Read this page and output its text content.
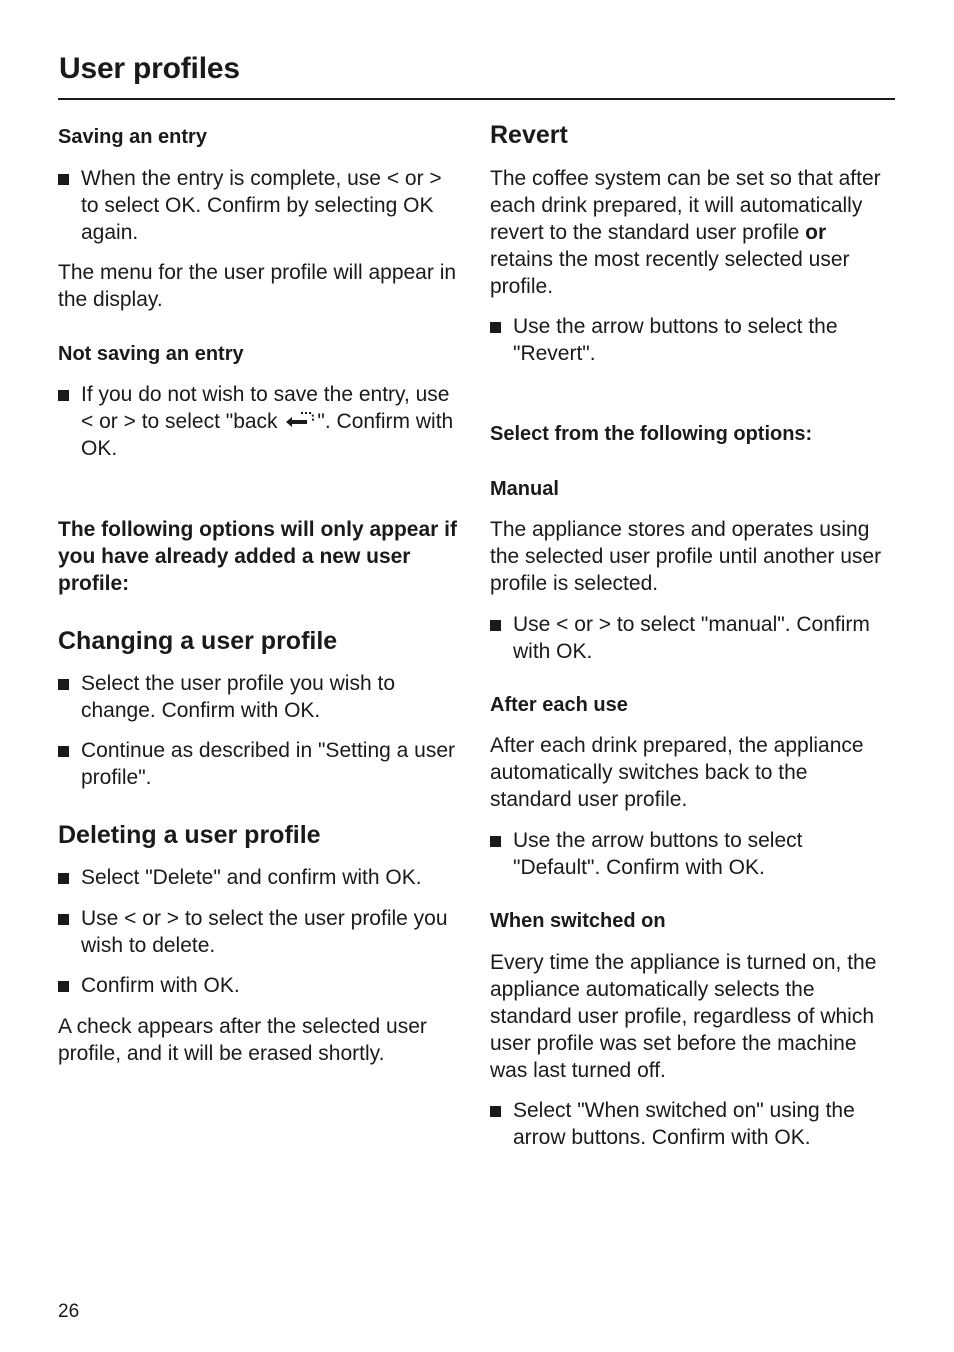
User profiles
Saving an entry
When the entry is complete, use < or > to select OK. Confirm by selecting OK again.
The menu for the user profile will appear in the display.
Not saving an entry
If you do not wish to save the entry, use < or > to select "back ". Confirm with OK.
The following options will only appear if you have already added a new user profile:
Changing a user profile
Select the user profile you wish to change. Confirm with OK.
Continue as described in "Setting a user profile".
Deleting a user profile
Select "Delete" and confirm with OK.
Use < or > to select the user profile you wish to delete.
Confirm with OK.
A check appears after the selected user profile, and it will be erased shortly.
Revert
The coffee system can be set so that after each drink prepared, it will automatically revert to the standard user profile or retains the most recently selected user profile.
Use the arrow buttons to select the "Revert".
Select from the following options:
Manual
The appliance stores and operates using the selected user profile until another user profile is selected.
Use < or > to select "manual". Confirm with OK.
After each use
After each drink prepared, the appliance automatically switches back to the standard user profile.
Use the arrow buttons to select "Default". Confirm with OK.
When switched on
Every time the appliance is turned on, the appliance automatically selects the standard user profile, regardless of which user profile was set before the machine was last turned off.
Select "When switched on" using the arrow buttons. Confirm with OK.
26
